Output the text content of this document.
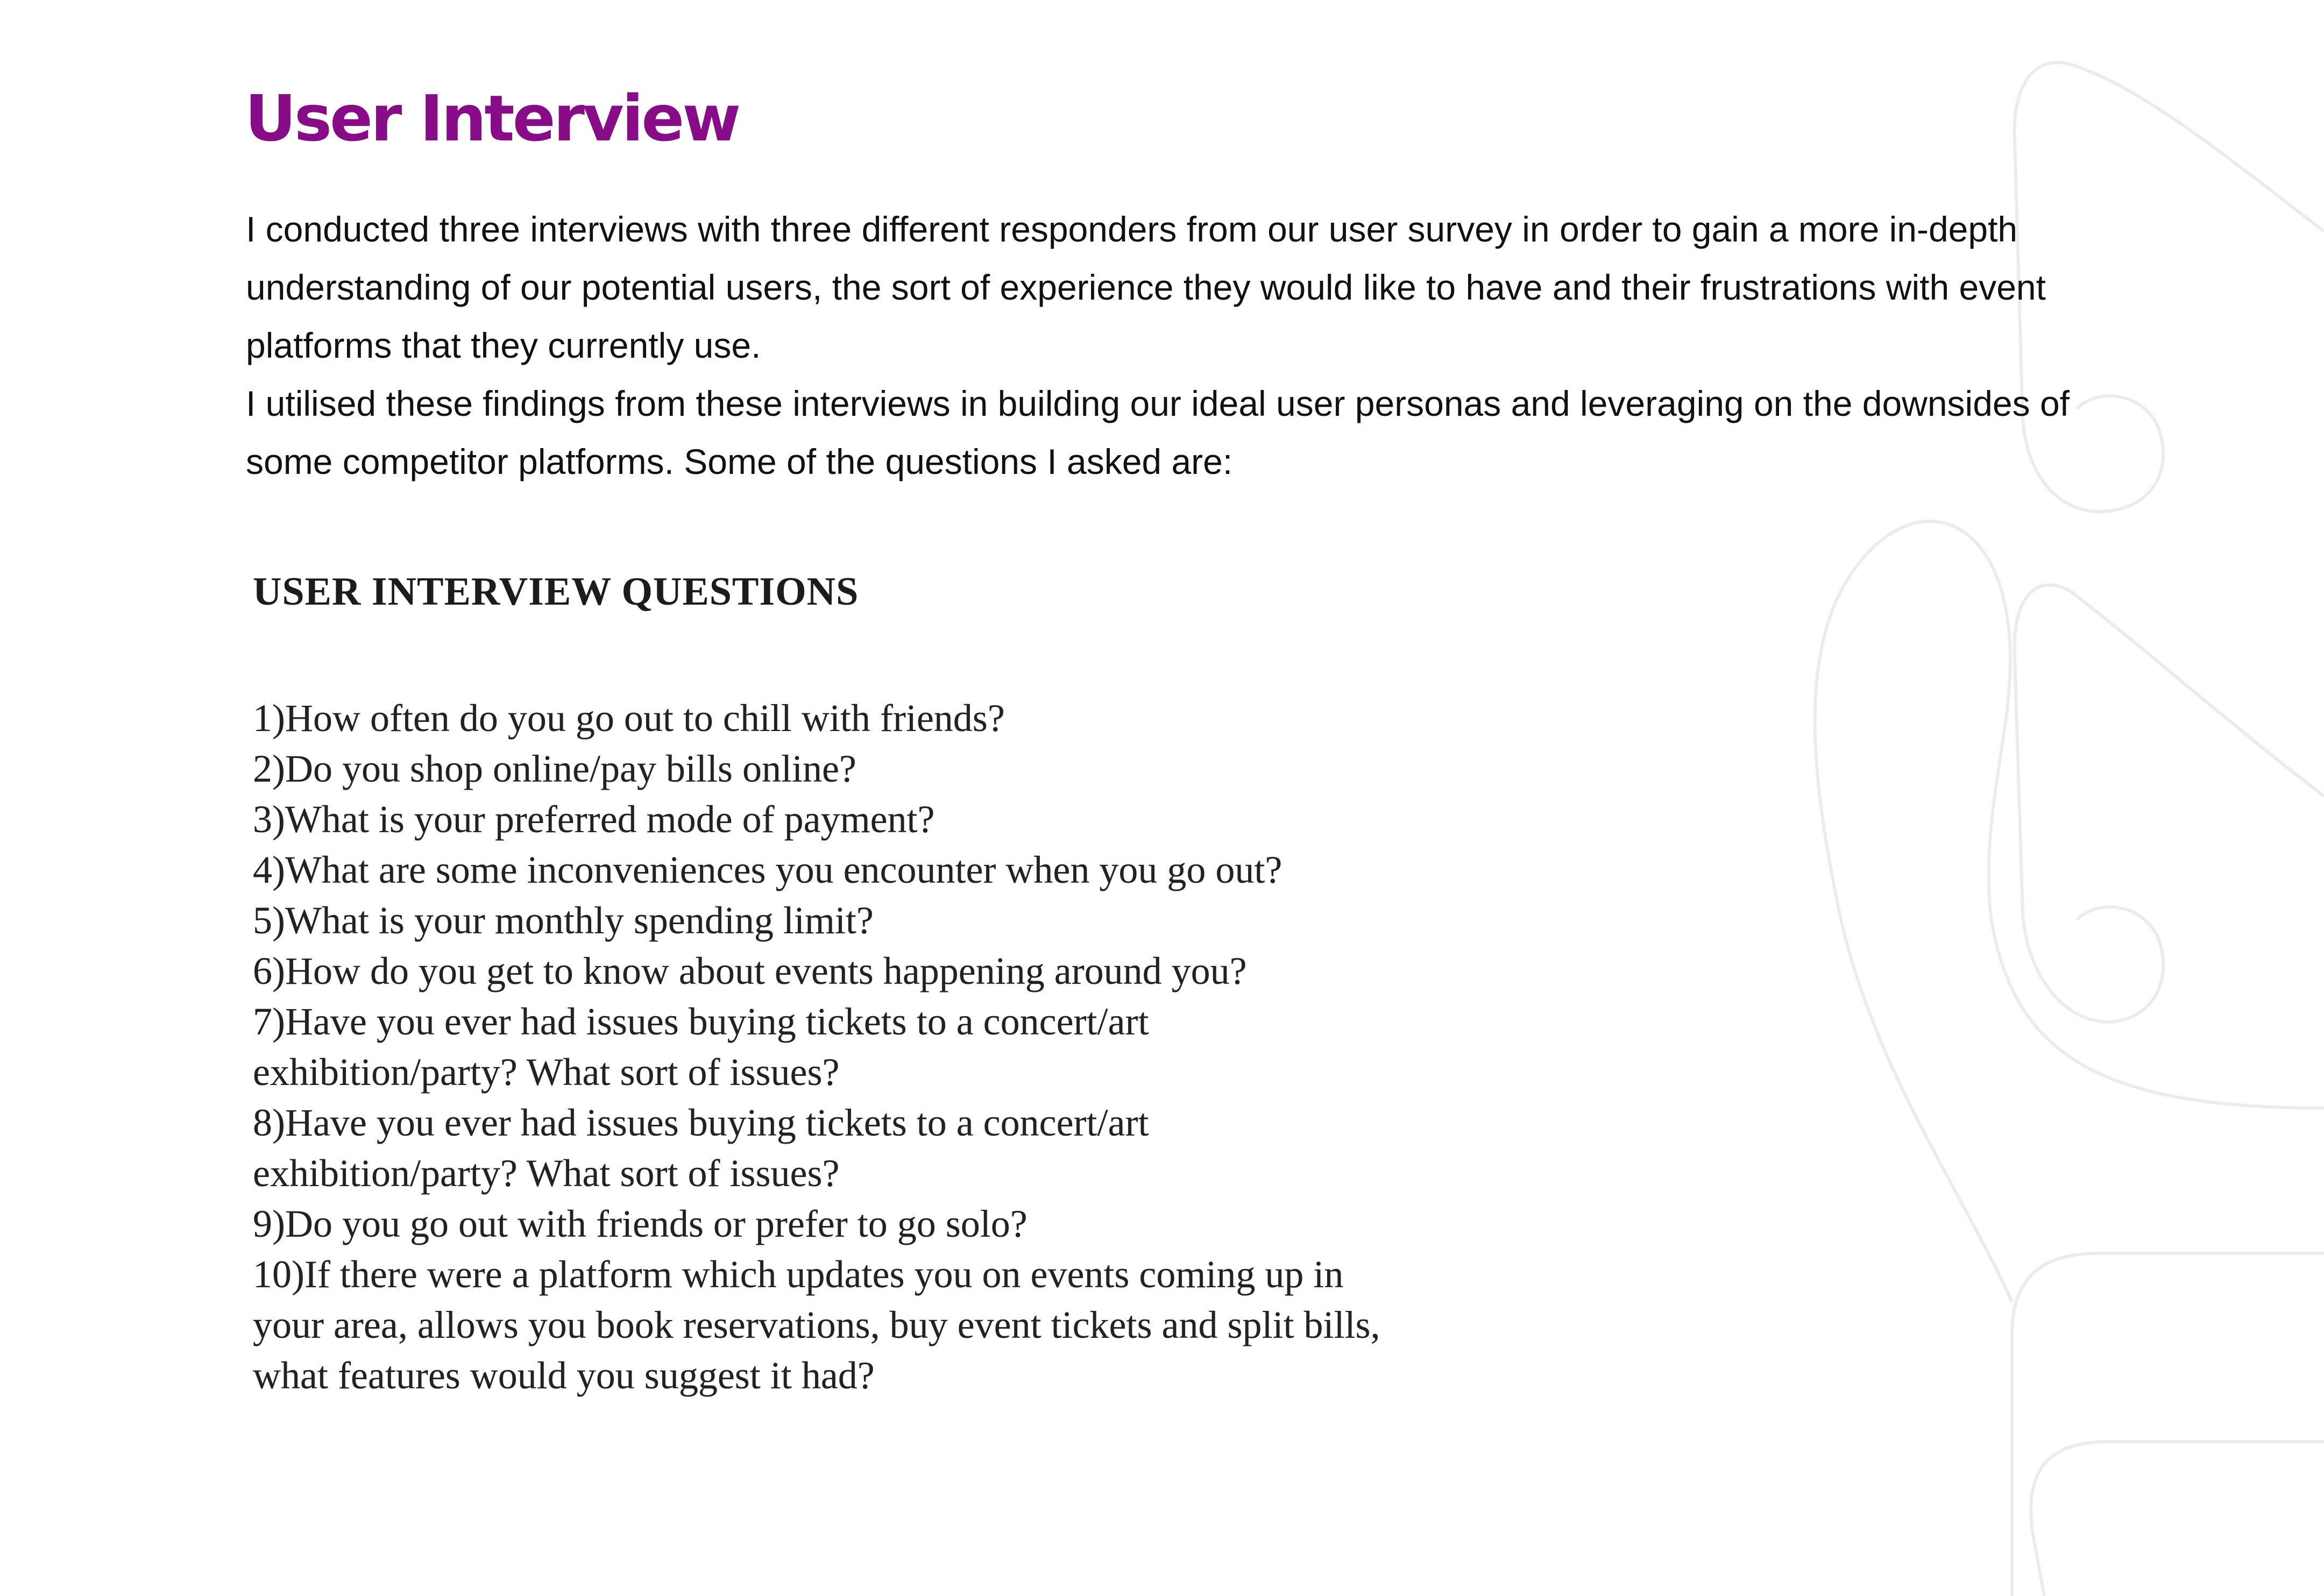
User Interview

I conducted three interviews with three different responders from our user survey in order to gain a more in-depth understanding of our potential users, the sort of experience they would like to have and their frustrations with event platforms that they currently use.

I utilised these findings from these interviews in building our ideal user personas and leveraging on the downsides of some competitor platforms. Some of the questions I asked are:

USER INTERVIEW QUESTIONS
1)How often do you go out to chill with friends?
2)Do you shop online/pay bills online?
3)What is your preferred mode of payment?
4)What are some inconveniences you encounter when you go out?
5)What is your monthly spending limit?
6)How do you get to know about events happening around you?
7)Have you ever had issues buying tickets to a concert/art exhibition/party? What sort of issues?
8)Have you ever had issues buying tickets to a concert/art exhibition/party? What sort of issues?
9)Do you go out with friends or prefer to go solo?
10)If there were a platform which updates you on events coming up in your area, allows you book reservations, buy event tickets and split bills, what features would you suggest it had?
